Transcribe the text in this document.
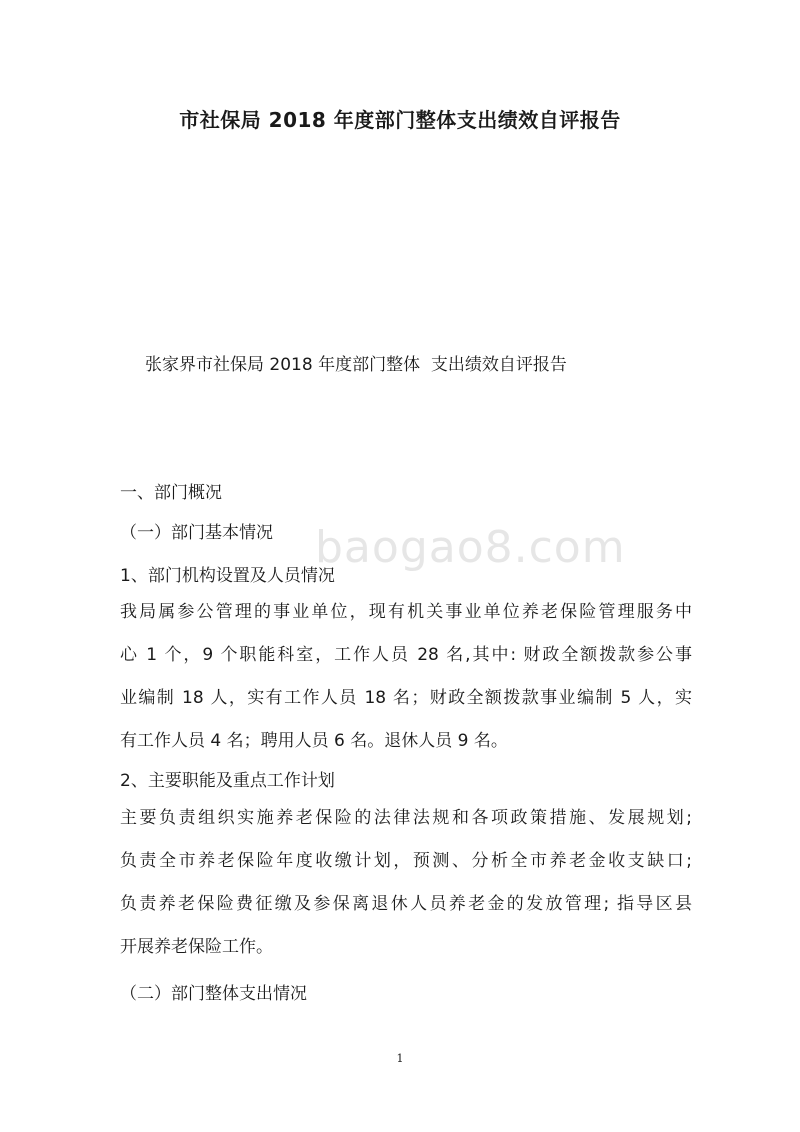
市社保局 2018 年度部门整体支出绩效自评报告
张家界市社保局 2018 年度部门整体  支出绩效自评报告
baogao8.com
一、部门概况
（一）部门基本情况
1、部门机构设置及人员情况
我局属参公管理的事业单位，现有机关事业单位养老保险管理服务中
心 1 个，9 个职能科室，工作人员 28 名,其中: 财政全额拨款参公事
业编制 18 人，实有工作人员 18 名；财政全额拨款事业编制 5 人，实
有工作人员 4 名；聘用人员 6 名。退休人员 9 名。
2、主要职能及重点工作计划
主要负责组织实施养老保险的法律法规和各项政策措施、发展规划;
负责全市养老保险年度收缴计划，预测、分析全市养老金收支缺口;
负责养老保险费征缴及参保离退休人员养老金的发放管理; 指导区县
开展养老保险工作。
（二）部门整体支出情况
1
